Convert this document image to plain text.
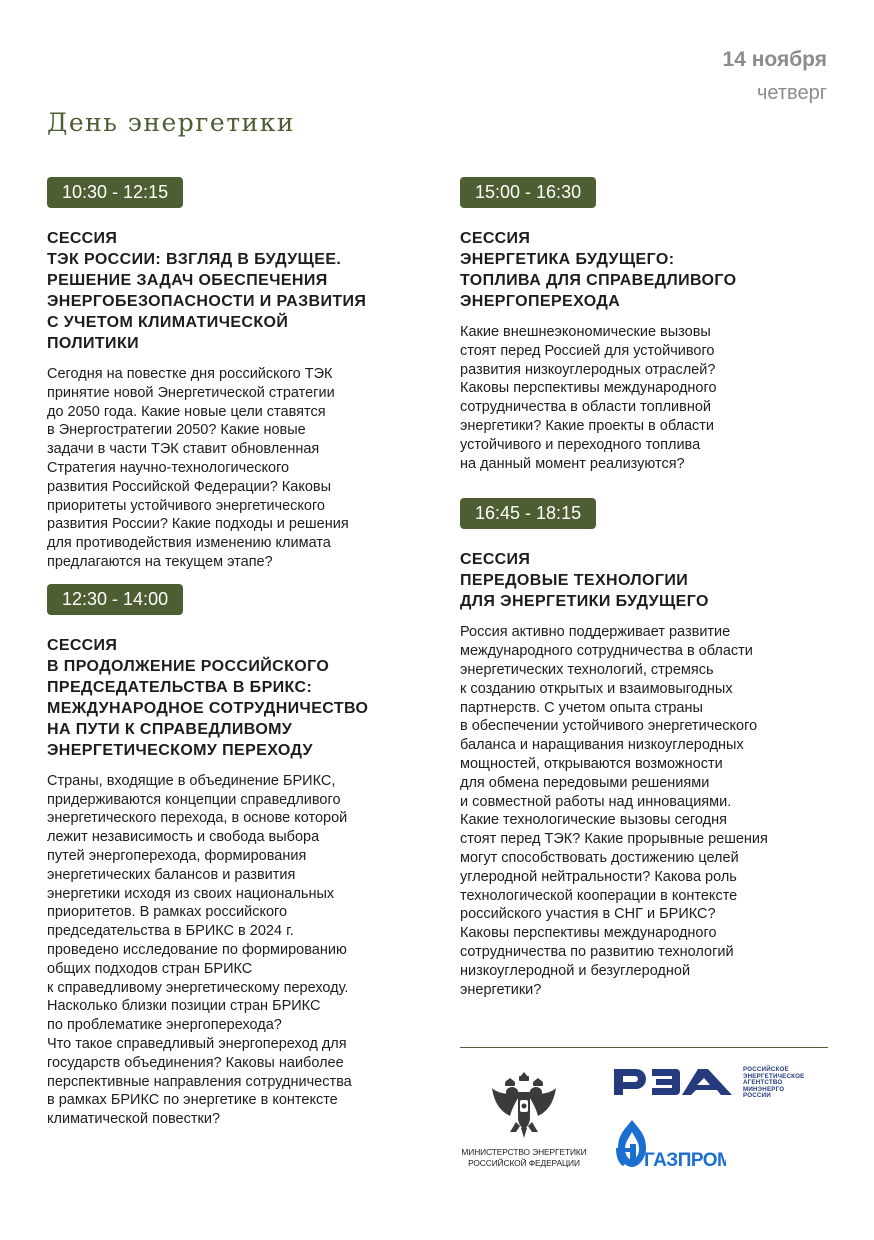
14 ноября
четверг
День энергетики
10:30 - 12:15
СЕССИЯ
ТЭК РОССИИ: ВЗГЛЯД В БУДУЩЕЕ.
РЕШЕНИЕ ЗАДАЧ ОБЕСПЕЧЕНИЯ
ЭНЕРГОБЕЗОПАСНОСТИ И РАЗВИТИЯ
С УЧЕТОМ КЛИМАТИЧЕСКОЙ
ПОЛИТИКИ
Сегодня на повестке дня российского ТЭК
принятие новой Энергетической стратегии
до 2050 года. Какие новые цели ставятся
в Энергостратегии 2050? Какие новые
задачи в части ТЭК ставит обновленная
Стратегия научно-технологического
развития Российской Федерации? Каковы
приоритеты устойчивого энергетического
развития России? Какие подходы и решения
для противодействия изменению климата
предлагаются на текущем этапе?
12:30 - 14:00
СЕССИЯ
В ПРОДОЛЖЕНИЕ РОССИЙСКОГО
ПРЕДСЕДАТЕЛЬСТВА В БРИКС:
МЕЖДУНАРОДНОЕ СОТРУДНИЧЕСТВО
НА ПУТИ К СПРАВЕДЛИВОМУ
ЭНЕРГЕТИЧЕСКОМУ ПЕРЕХОДУ
Страны, входящие в объединение БРИКС,
придерживаются концепции справедливого
энергетического перехода, в основе которой
лежит независимость и свобода выбора
путей энергоперехода, формирования
энергетических балансов и развития
энергетики исходя из своих национальных
приоритетов. В рамках российского
председательства в БРИКС в 2024 г.
проведено исследование по формированию
общих подходов стран БРИКС
к справедливому энергетическому переходу.
Насколько близки позиции стран БРИКС
по проблематике энергоперехода?
Что такое справедливый энергопереход для
государств объединения? Каковы наиболее
перспективные направления сотрудничества
в рамках БРИКС по энергетике в контексте
климатической повестки?
15:00 - 16:30
СЕССИЯ
ЭНЕРГЕТИКА БУДУЩЕГО:
ТОПЛИВА ДЛЯ СПРАВЕДЛИВОГО
ЭНЕРГОПЕРЕХОДА
Какие внешнеэкономические вызовы
стоят перед Россией для устойчивого
развития низкоуглеродных отраслей?
Каковы перспективы международного
сотрудничества в области топливной
энергетики? Какие проекты в области
устойчивого и переходного топлива
на данный момент реализуются?
16:45 - 18:15
СЕССИЯ
ПЕРЕДОВЫЕ ТЕХНОЛОГИИ
ДЛЯ ЭНЕРГЕТИКИ БУДУЩЕГО
Россия активно поддерживает развитие
международного сотрудничества в области
энергетических технологий, стремясь
к созданию открытых и взаимовыгодных
партнерств. С учетом опыта страны
в обеспечении устойчивого энергетического
баланса и наращивания низкоуглеродных
мощностей, открываются возможности
для обмена передовыми решениями
и совместной работы над инновациями.
Какие технологические вызовы сегодня
стоят перед ТЭК? Какие прорывные решения
могут способствовать достижению целей
углеродной нейтральности? Какова роль
технологической кооперации в контексте
российского участия в СНГ и БРИКС?
Каковы перспективы международного
сотрудничества по развитию технологий
низкоуглеродной и безуглеродной
энергетики?
МИНИСТЕРСТВО ЭНЕРГЕТИКИ
РОССИЙСКОЙ ФЕДЕРАЦИИ
РОССИЙСКОЕ
ЭНЕРГЕТИЧЕСКОЕ
АГЕНТСТВО
МИНЭНЕРГО
РОССИИ
ГАЗПРОМ
